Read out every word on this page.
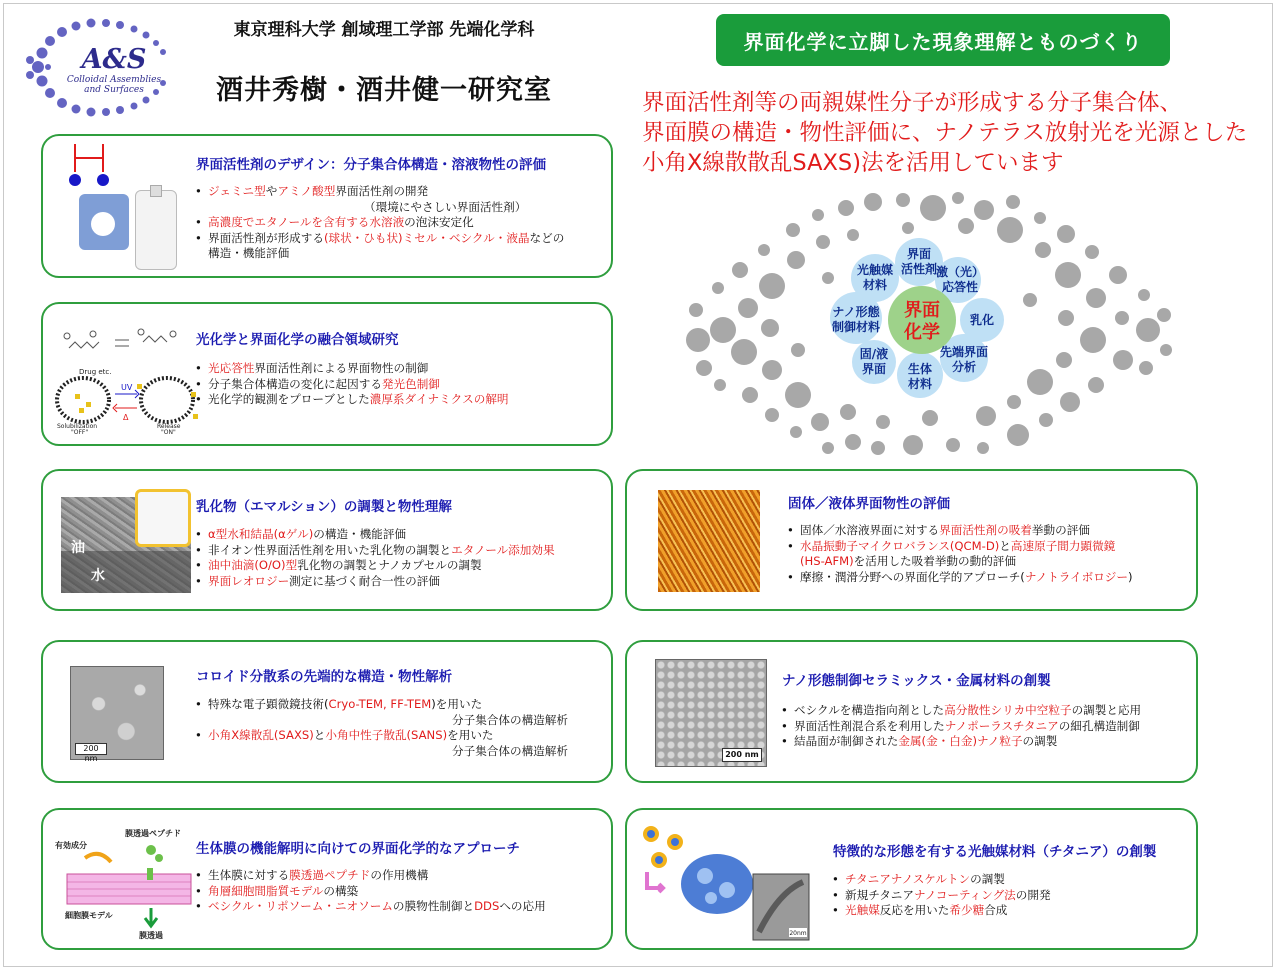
A&S
Colloidal Assemblies
and Surfaces
東京理科大学 創域理工学部 先端化学科
酒井秀樹・酒井健一研究室
界面化学に立脚した現象理解とものづくり

界面活性剤等の両親媒性分子が形成する分子集合体、
界面膜の構造・物性評価に、ナノテラス放射光を光源とした
小角X線散散乱SAXS)法を活用しています

界面
化学
界面
活性剤
激（光）
応答性
乳化
先端界面
分析
生体
材料
固/液
界面
ナノ形態
制御材料
光触媒
材料
界面活性剤のデザイン：分子集合体構造・溶液物性の評価
• ジェミニ型やアミノ酸型界面活性剤の開発
（環境にやさしい界面活性剤）
• 高濃度でエタノールを含有する水溶液の泡沫安定化
• 界面活性剤が形成する(球状・ひも状)ミセル・ベシクル・液晶などの
構造・機能評価
Drug etc.
UV
Δ
Solubilization
"OFF"
Release
"ON"
光化学と界面化学の融合領域研究
• 光応答性界面活性剤による界面物性の制御
• 分子集合体構造の変化に起因する発光色制御
• 光化学的観測をプローブとした濃厚系ダイナミクスの解明
油
水
乳化物（エマルション）の調製と物性理解
• α型水和結晶(αゲル)の構造・機能評価
• 非イオン性界面活性剤を用いた乳化物の調製とエタノール添加効果
• 油中油滴(O/O)型乳化物の調製とナノカプセルの調製
• 界面レオロジー測定に基づく耐合一性の評価
200 nm
コロイド分散系の先端的な構造・物性解析
• 特殊な電子顕微鏡技術(Cryo-TEM, FF-TEM)を用いた
分子集合体の構造解析
• 小角X線散乱(SAXS)と小角中性子散乱(SANS)を用いた
分子集合体の構造解析
有効成分
膜透過ペプチド
細胞膜モデル
膜透過
生体膜の機能解明に向けての界面化学的なアプローチ
• 生体膜に対する膜透過ペプチドの作用機構
• 角層細胞間脂質モデルの構築
• ベシクル・リポソーム・ニオソームの膜物性制御とDDSへの応用
固体／液体界面物性の評価
• 固体／水溶液界面に対する界面活性剤の吸着挙動の評価
• 水晶振動子マイクロバランス(QCM-D)と高速原子間力顕微鏡
(HS-AFM)を活用した吸着挙動の動的評価
• 摩擦・潤滑分野への界面化学的アプローチ(ナノトライボロジー)
200 nm
ナノ形態制御セラミックス・金属材料の創製
• ベシクルを構造指向剤とした高分散性シリカ中空粒子の調製と応用
• 界面活性剤混合系を利用したナノポーラスチタニアの細孔構造制御
• 結晶面が制御された金属(金・白金)ナノ粒子の調製
20nm
特徴的な形態を有する光触媒材料（チタニア）の創製
• チタニアナノスケルトンの調製
• 新規チタニアナノコーティング法の開発
• 光触媒反応を用いた希少糖合成
